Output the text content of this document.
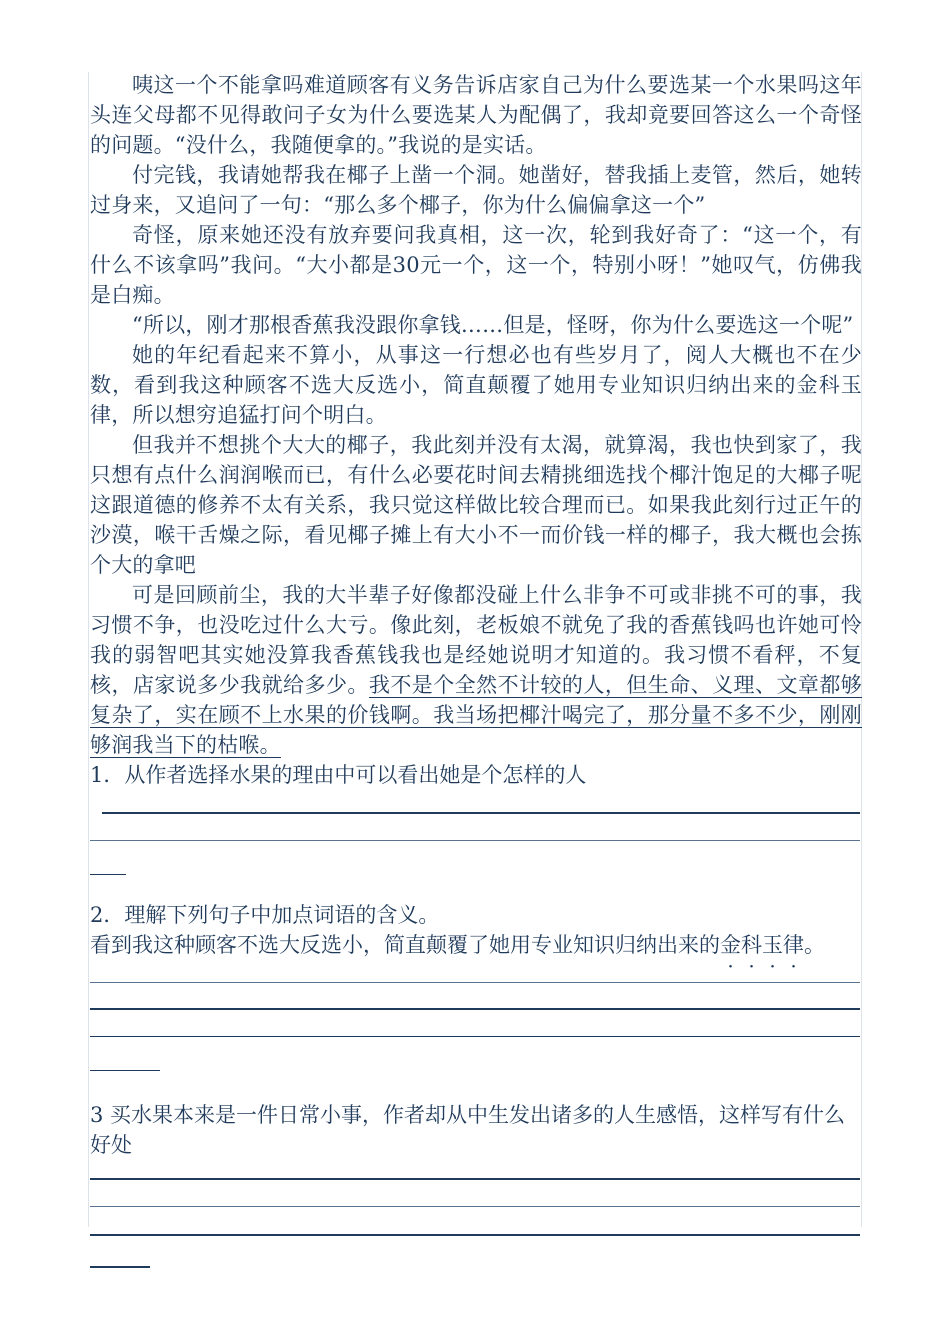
咦这一个不能拿吗难道顾客有义务告诉店家自己为什么要选某一个水果吗这年头连父母都不见得敢问子女为什么要选某人为配偶了，我却竟要回答这么一个奇怪的问题。“没什么，我随便拿的。”我说的是实话。

付完钱，我请她帮我在椰子上凿一个洞。她凿好，替我插上麦管，然后，她转过身来，又追问了一句：“那么多个椰子，你为什么偏偏拿这一个”

奇怪，原来她还没有放弃要问我真相，这一次，轮到我好奇了：“这一个，有什么不该拿吗”我问。“大小都是30元一个，这一个，特别小呀！”她叹气，仿佛我是白痴。

“所以，刚才那根香蕉我没跟你拿钱……但是，怪呀，你为什么要选这一个呢”

她的年纪看起来不算小，从事这一行想必也有些岁月了，阅人大概也不在少数，看到我这种顾客不选大反选小，简直颠覆了她用专业知识归纳出来的金科玉律，所以想穷追猛打问个明白。

但我并不想挑个大大的椰子，我此刻并没有太渴，就算渴，我也快到家了，我只想有点什么润润喉而已，有什么必要花时间去精挑细选找个椰汁饱足的大椰子呢这跟道德的修养不太有关系，我只觉这样做比较合理而已。如果我此刻行过正午的沙漠，喉干舌燥之际，看见椰子摊上有大小不一而价钱一样的椰子，我大概也会拣个大的拿吧

可是回顾前尘，我的大半辈子好像都没碰上什么非争不可或非挑不可的事，我习惯不争，也没吃过什么大亏。像此刻，老板娘不就免了我的香蕉钱吗也许她可怜我的弱智吧其实她没算我香蕉钱我也是经她说明才知道的。我习惯不看秤，不复核，店家说多少我就给多少。我不是个全然不计较的人，但生命、义理、文章都够复杂了，实在顾不上水果的价钱啊。我当场把椰汁喝完了，那分量不多不少，刚刚够润我当下的枯喉。

1．从作者选择水果的理由中可以看出她是个怎样的人

2．理解下列句子中加点词语的含义。

看到我这种顾客不选大反选小，简直颠覆了她用专业知识归纳出来的金科玉律。

3 买水果本来是一件日常小事，作者却从中生发出诸多的人生感悟，这样写有什么好处
